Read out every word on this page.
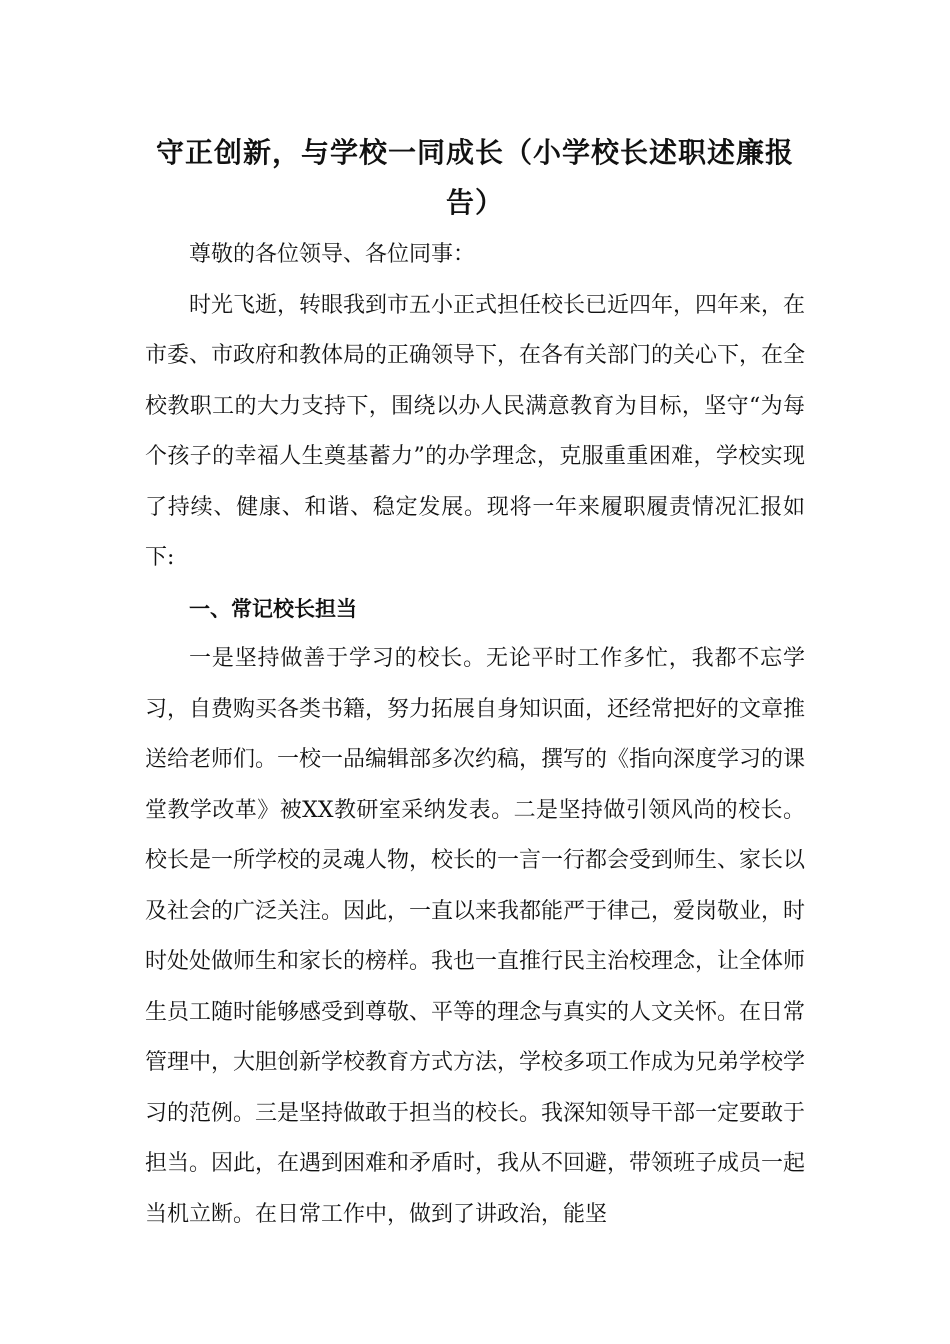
守正创新，与学校一同成长（小学校长述职述廉报告）

尊敬的各位领导、各位同事：

时光飞逝，转眼我到市五小正式担任校长已近四年，四年来，在市委、市政府和教体局的正确领导下，在各有关部门的关心下，在全校教职工的大力支持下，围绕以办人民满意教育为目标，坚守“为每个孩子的幸福人生奠基蓄力”的办学理念，克服重重困难，学校实现了持续、健康、和谐、稳定发展。现将一年来履职履责情况汇报如下:

一、常记校长担当

一是坚持做善于学习的校长。无论平时工作多忙，我都不忘学习，自费购买各类书籍，努力拓展自身知识面，还经常把好的文章推送给老师们。一校一品编辑部多次约稿，撰写的《指向深度学习的课堂教学改革》被XX教研室采纳发表。二是坚持做引领风尚的校长。校长是一所学校的灵魂人物，校长的一言一行都会受到师生、家长以及社会的广泛关注。因此，一直以来我都能严于律己，爱岗敬业，时时处处做师生和家长的榜样。我也一直推行民主治校理念，让全体师生员工随时能够感受到尊敬、平等的理念与真实的人文关怀。在日常管理中，大胆创新学校教育方式方法，学校多项工作成为兄弟学校学习的范例。三是坚持做敢于担当的校长。我深知领导干部一定要敢于担当。因此，在遇到困难和矛盾时，我从不回避，带领班子成员一起当机立断。在日常工作中，做到了讲政治，能坚
